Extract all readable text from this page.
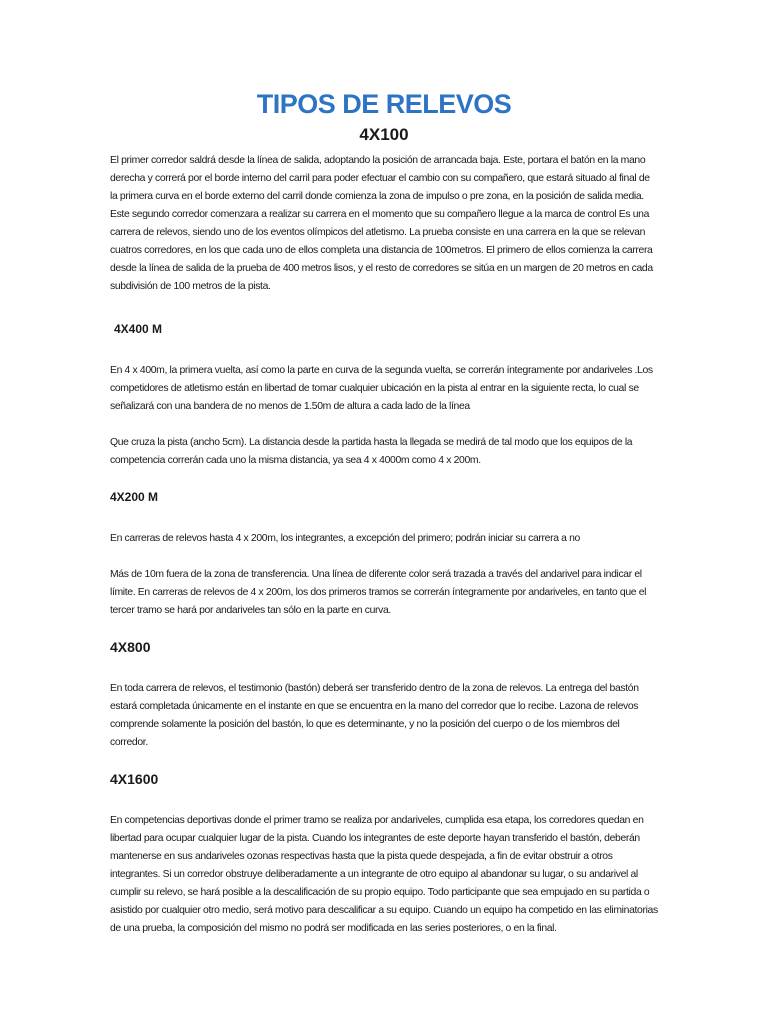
TIPOS DE RELEVOS
4X100

El primer corredor saldrá desde la línea de salida, adoptando la posición de arrancada baja. Este, portara el batón en la mano derecha y correrá por el borde interno del carril para poder efectuar el cambio con su compañero, que estará situado al final de la primera curva en el borde externo del carril donde comienza la zona de impulso o pre zona, en la posición de salida media. Este segundo corredor comenzara a realizar su carrera en el momento que su compañero llegue a la marca de control Es una carrera de relevos, siendo uno de los eventos olímpicos del atletismo. La prueba consiste en una carrera en la que se relevan cuatros corredores, en los que cada uno de ellos completa una distancia de 100metros. El primero de ellos comienza la carrera desde la línea de salida de la prueba de 400 metros lisos, y el resto de corredores se sitúa en un margen de 20 metros en cada subdivisión de 100 metros de la pista.

4X400 M

En 4 x 400m, la primera vuelta, así como la parte en curva de la segunda vuelta, se correrán íntegramente por andariveles .Los competidores de atletismo están en libertad de tomar cualquier ubicación en la pista al entrar en la siguiente recta, lo cual se señalizará con una bandera de no menos de 1.50m de altura a cada lado de la línea

Que cruza la pista (ancho 5cm). La distancia desde la partida hasta la llegada se medirá de tal modo que los equipos de la competencia correrán cada uno la misma distancia, ya sea 4 x 4000m como 4 x 200m.

4X200 M

En carreras de relevos hasta 4 x 200m, los integrantes, a excepción del primero; podrán iniciar su carrera a no

Más de 10m fuera de la zona de transferencia. Una línea de diferente color será trazada a través del andarivel para indicar el límite. En carreras de relevos de 4 x 200m, los dos primeros tramos se correrán íntegramente por andariveles, en tanto que el tercer tramo se hará por andariveles tan sólo en la parte en curva.

4X800

En toda carrera de relevos, el testimonio (bastón) deberá ser transferido dentro de la zona de relevos. La entrega del bastón estará completada únicamente en el instante en que se encuentra en la mano del corredor que lo recibe. Lazona de relevos comprende solamente la posición del bastón, lo que es determinante, y no la posición del cuerpo o de los miembros del corredor.

4X1600

En competencias deportivas donde el primer tramo se realiza por andariveles, cumplida esa etapa, los corredores quedan en libertad para ocupar cualquier lugar de la pista. Cuando los integrantes de este deporte hayan transferido el bastón, deberán mantenerse en sus andariveles ozonas respectivas hasta que la pista quede despejada, a fin de evitar obstruir a otros integrantes. Si un corredor obstruye deliberadamente a un integrante de otro equipo al abandonar su lugar, o su andarivel al cumplir su relevo, se hará posible a la descalificación de su propio equipo. Todo participante que sea empujado en su partida o asistido por cualquier otro medio, será motivo para descalificar a su equipo. Cuando un equipo ha competido en las eliminatorias de una prueba, la composición del mismo no podrá ser modificada en las series posteriores, o en la final.
